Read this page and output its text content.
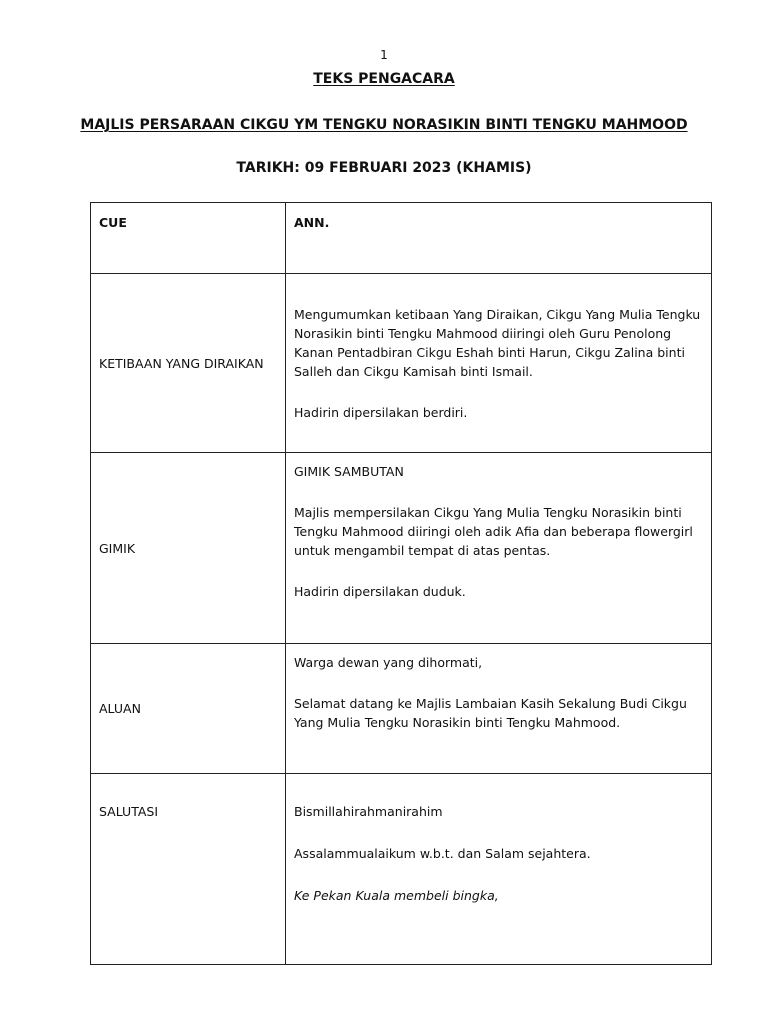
1
TEKS PENGACARA
MAJLIS PERSARAAN CIKGU YM TENGKU NORASIKIN BINTI TENGKU MAHMOOD
TARIKH: 09 FEBRUARI 2023 (KHAMIS)
CUE	ANN.
KETIBAAN YANG DIRAIKAN	Mengumumkan ketibaan Yang Diraikan, Cikgu Yang Mulia Tengku Norasikin binti Tengku Mahmood diiringi oleh Guru Penolong Kanan Pentadbiran Cikgu Eshah binti Harun, Cikgu Zalina binti Salleh dan Cikgu Kamisah binti Ismail.

Hadirin dipersilakan berdiri.

GIMIK	GIMIK SAMBUTAN

Majlis mempersilakan Cikgu Yang Mulia Tengku Norasikin binti Tengku Mahmood diiringi oleh adik Afia dan beberapa flowergirl untuk mengambil tempat di atas pentas.

Hadirin dipersilakan duduk.

ALUAN	Warga dewan yang dihormati,

Selamat datang ke Majlis Lambaian Kasih Sekalung Budi Cikgu Yang Mulia Tengku Norasikin binti Tengku Mahmood.

SALUTASI	Bismillahirahmanirahim

Assalammualaikum w.b.t. dan Salam sejahtera.

Ke Pekan Kuala membeli bingka,
